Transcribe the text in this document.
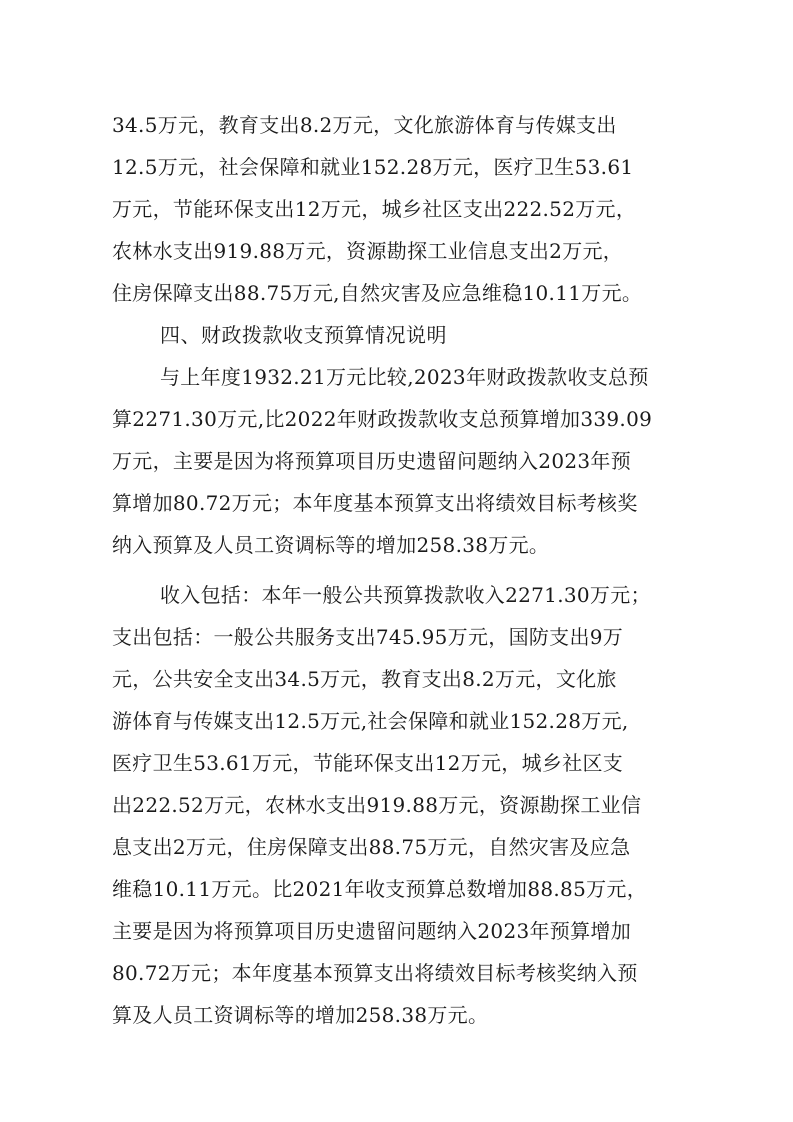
34.5万元，教育支出8.2万元，文化旅游体育与传媒支出
12.5万元，社会保障和就业152.28万元，医疗卫生53.61
万元，节能环保支出12万元，城乡社区支出222.52万元，
农林水支出919.88万元，资源勘探工业信息支出2万元，
住房保障支出88.75万元,自然灾害及应急维稳10.11万元。
四、财政拨款收支预算情况说明
与上年度1932.21万元比较,2023年财政拨款收支总预
算2271.30万元,比2022年财政拨款收支总预算增加339.09
万元，主要是因为将预算项目历史遗留问题纳入2023年预
算增加80.72万元；本年度基本预算支出将绩效目标考核奖
纳入预算及人员工资调标等的增加258.38万元。
收入包括：本年一般公共预算拨款收入2271.30万元；
支出包括：一般公共服务支出745.95万元，国防支出9万
元，公共安全支出34.5万元，教育支出8.2万元，文化旅
游体育与传媒支出12.5万元,社会保障和就业152.28万元,
医疗卫生53.61万元，节能环保支出12万元，城乡社区支
出222.52万元，农林水支出919.88万元，资源勘探工业信
息支出2万元，住房保障支出88.75万元，自然灾害及应急
维稳10.11万元。比2021年收支预算总数增加88.85万元，
主要是因为将预算项目历史遗留问题纳入2023年预算增加
80.72万元；本年度基本预算支出将绩效目标考核奖纳入预
算及人员工资调标等的增加258.38万元。
